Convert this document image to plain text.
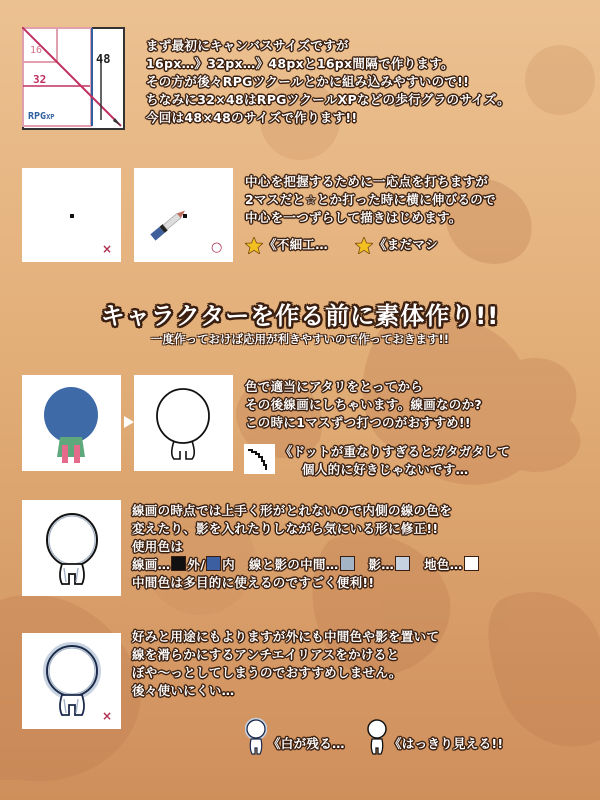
16
32
48
RPGXP
まず最初にキャンバスサイズですが
16px…》32px…》48pxと16px間隔で作ります。
その方が後々RPGツクールとかに組み込みやすいので!!
ちなみに32×48はRPGツクールXPなどの歩行グラのサイズ。
今回は48×48のサイズで作ります!!
×	○
中心を把握するために一応点を打ちますが
2マスだと☆とか打った時に横に伸びるので
中心を一つずらして描きはじめます。
《不細工…	《まだマシ
キャラクターを作る前に素体作り!!
一度作っておけば応用が利きやすいので作っておきます!!
色で適当にアタリをとってから
その後線画にしちゃいます。線画なのか?
この時に1マスずつ打つのがおすすめ!!
《ドットが重なりすぎるとガタガタして
個人的に好きじゃないです…
線画の時点では上手く形がとれないので内側の線の色を
変えたり、影を入れたりしながら気にいる形に修正!!
使用色は
線画… 外/ 内 線と影の中間… 影… 地色…
中間色は多目的に使えるのですごく便利!!
×
好みと用途にもよりますが外にも中間色や影を置いて
線を滑らかにするアンチエイリアスをかけると
ぼや〜っとしてしまうのでおすすめしません。
後々使いにくい…
《白が残る…	《はっきり見える!!
